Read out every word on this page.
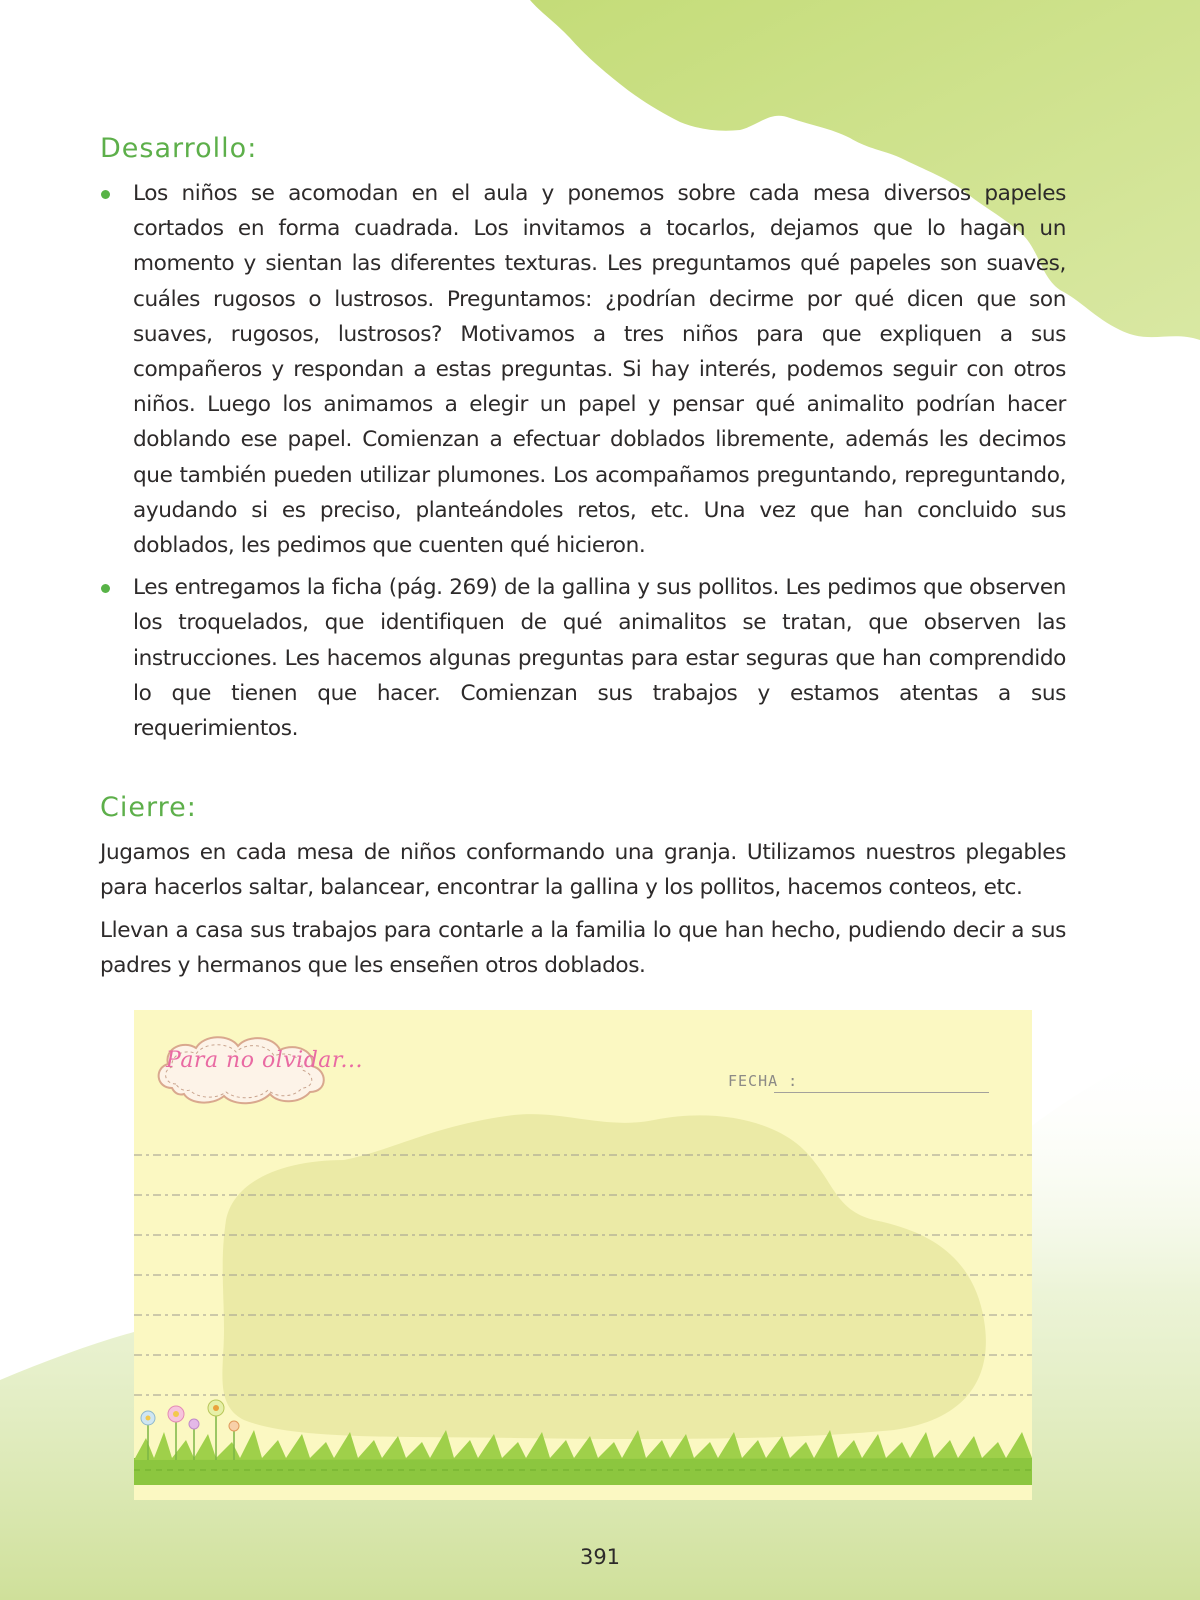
Desarrollo:
Los niños se acomodan en el aula y ponemos sobre cada mesa diversos papeles cortados en forma cuadrada. Los invitamos a tocarlos, dejamos que lo hagan un momento y sientan las diferentes texturas. Les preguntamos qué papeles son suaves, cuáles rugosos o lustrosos. Preguntamos: ¿podrían decirme por qué dicen que son suaves, rugosos, lustrosos? Motivamos a tres niños para que expliquen a sus compañeros y respondan a estas preguntas. Si hay interés, podemos seguir con otros niños. Luego los animamos a elegir un papel y pensar qué animalito podrían hacer doblando ese papel. Comienzan a efectuar doblados libremente, además les decimos que también pueden utilizar plumones. Los acompañamos preguntando, repreguntando, ayudando si es preciso, planteándoles retos, etc. Una vez que han concluido sus doblados, les pedimos que cuenten qué hicieron.
Les entregamos la ficha (pág. 269) de la gallina y sus pollitos. Les pedimos que observen los troquelados, que identifiquen de qué animalitos se tratan, que observen las instrucciones. Les hacemos algunas preguntas para estar seguras que han comprendido lo que tienen que hacer. Comienzan sus trabajos y estamos atentas a sus requerimientos.
Cierre:

Jugamos en cada mesa de niños conformando una granja. Utilizamos nuestros plegables para hacerlos saltar, balancear, encontrar la gallina y los pollitos, hacemos conteos, etc.

Llevan a casa sus trabajos para contarle a la familia lo que han hecho, pudiendo decir a sus padres y hermanos que les enseñen otros doblados.

Para no olvidar...
FECHA :
391
